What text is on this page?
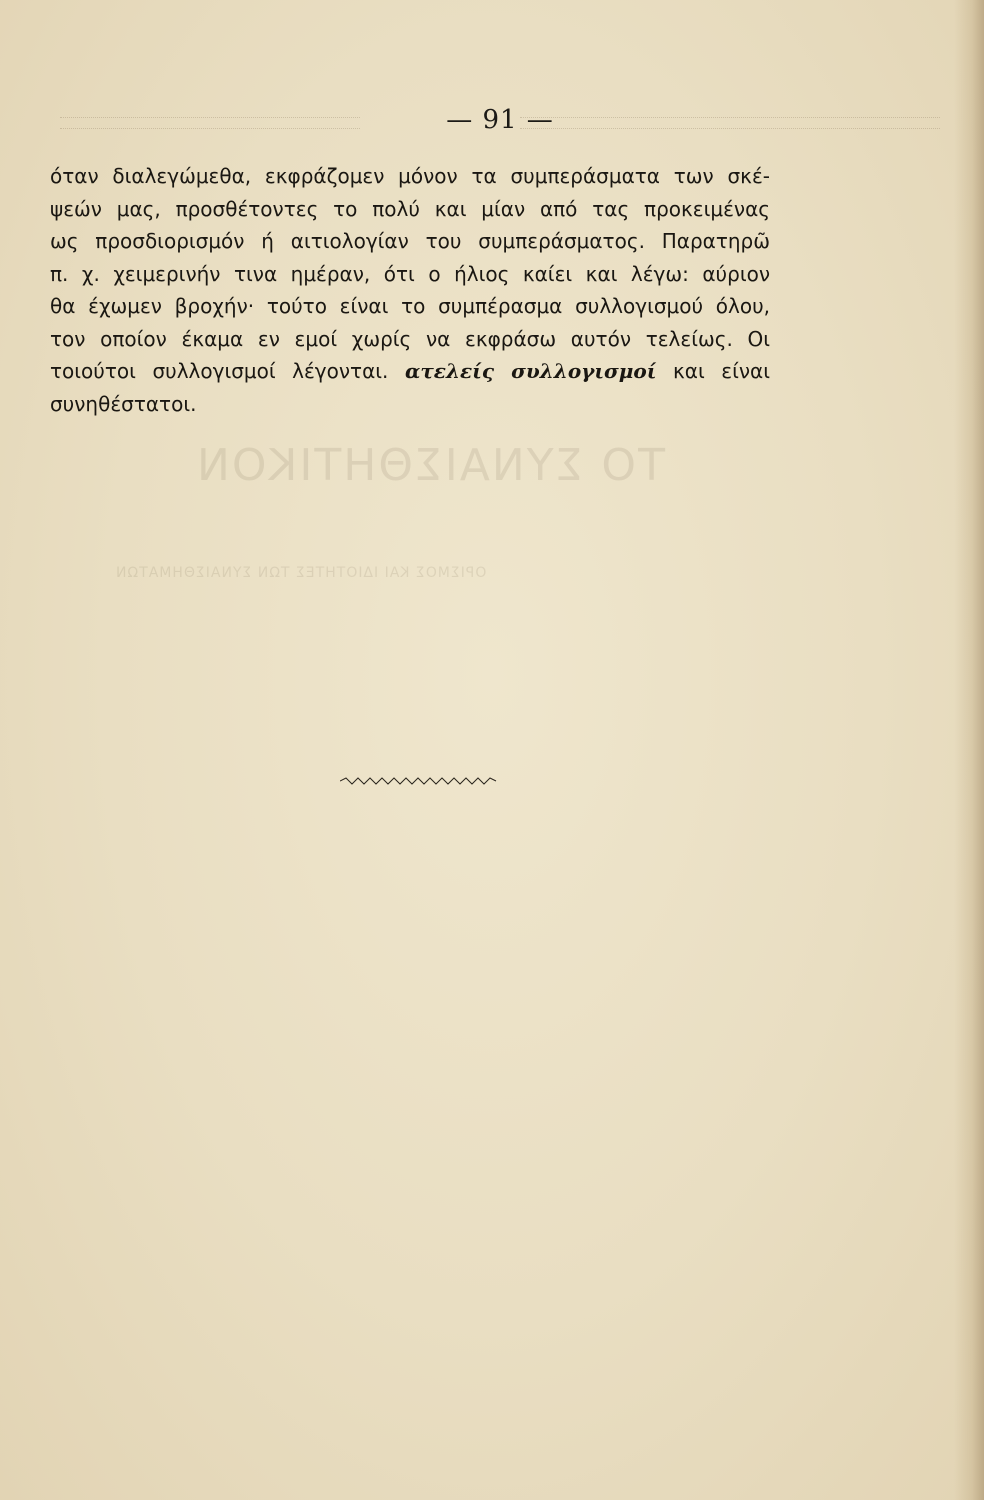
ΤΟ ΣΥΝΑΙΣΘΗΤΙΚΟΝ
ΟΡΙΣΜΟΣ ΚΑΙ ΙΔΙΟΤΗΤΕΣ ΤΩΝ ΣΥΝΑΙΣΘΗΜΑΤΩΝ
— 91 —
όταν διαλεγώμεθα, εκφράζομεν μόνον τα συμπεράσματα των σκέ-
ψεών μας, προσθέτοντες το πολύ και μίαν από τας προκειμένας
ως προσδιορισμόν ή αιτιολογίαν του συμπεράσματος. Παρατηρῶ
π. χ. χειμερινήν τινα ημέραν, ότι ο ήλιος καίει και λέγω: αύριον
θα έχωμεν βροχήν· τούτο είναι το συμπέρασμα συλλογισμού όλου,
τον οποίον έκαμα εν εμοί χωρίς να εκφράσω αυτόν τελείως. Οι
τοιούτοι συλλογισμοί λέγονται. ατελείς συλλογισμοί και είναι
συνηθέστατοι.
